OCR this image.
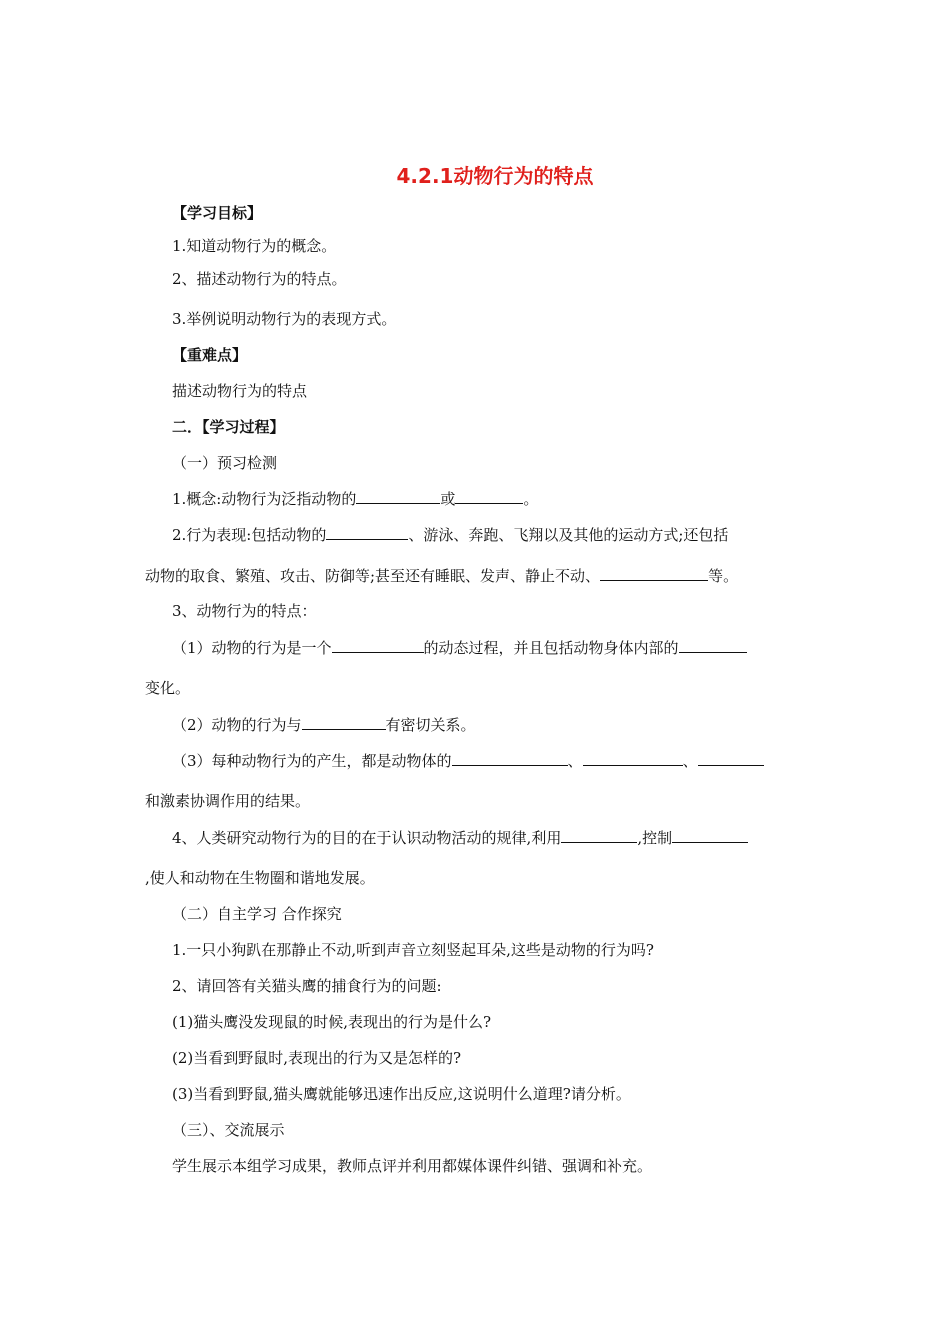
4.2.1动物行为的特点
【学习目标】
1.知道动物行为的概念。
2、描述动物行为的特点。
3.举例说明动物行为的表现方式。
【重难点】
描述动物行为的特点
二．【学习过程】
（一）预习检测
1.概念:动物行为泛指动物的	或	。
2.行为表现:包括动物的	、游泳、奔跑、飞翔以及其他的运动方式;还包括
动物的取食、繁殖、攻击、防御等;甚至还有睡眠、发声、静止不动、	等。
3、动物行为的特点：
（1）动物的行为是一个	的动态过程，并且包括动物身体内部的
变化。
（2）动物的行为与	有密切关系。
（3）每种动物行为的产生，都是动物体的	、	、
和激素协调作用的结果。
4、人类研究动物行为的目的在于认识动物活动的规律,利用	,控制
,使人和动物在生物圈和谐地发展。
（二）自主学习 合作探究
1.一只小狗趴在那静止不动,听到声音立刻竖起耳朵,这些是动物的行为吗?
2、请回答有关猫头鹰的捕食行为的问题:
(1)猫头鹰没发现鼠的时候,表现出的行为是什么?
(2)当看到野鼠时,表现出的行为又是怎样的?
(3)当看到野鼠,猫头鹰就能够迅速作出反应,这说明什么道理?请分析。
（三）、交流展示
学生展示本组学习成果，教师点评并利用都媒体课件纠错、强调和补充。
